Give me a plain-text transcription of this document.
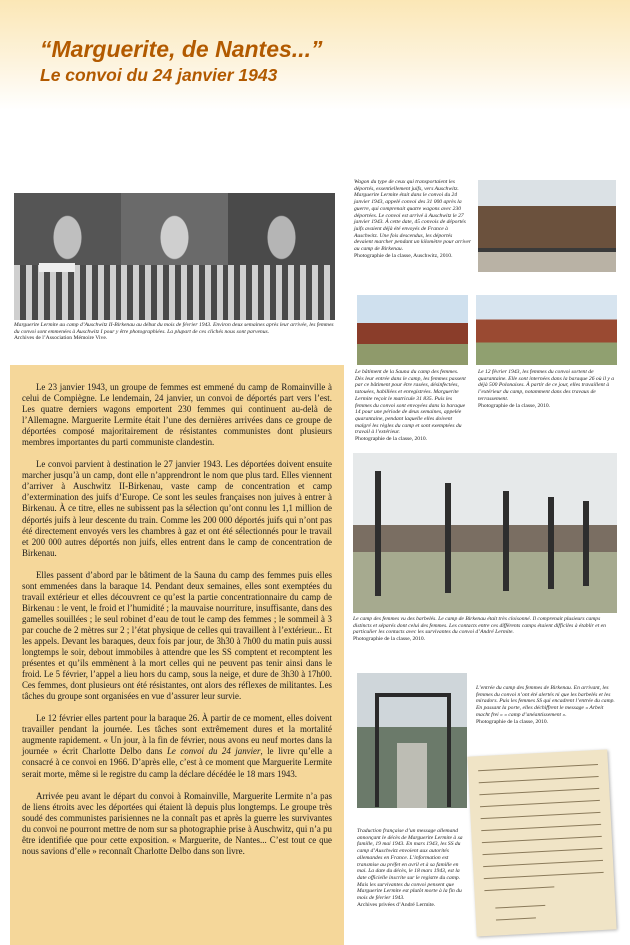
“Marguerite, de Nantes...”
Le convoi du 24 janvier 1943
Marguerite Lermite au camp d’Auschwitz II-Birkenau au début du mois de février 1943. Environ deux semaines après leur arrivée, les femmes du convoi sont emmenées à Auschwitz I pour y être photographiées. La plupart de ces clichés nous sont parvenus.
Archives de l’Association Mémoire Vive.
Wagon du type de ceux qui transportaient les déportés, essentiellement juifs, vers Auschwitz. Marguerite Lermite était dans le convoi du 24 janvier 1943, appelé convoi des 31 000 après la guerre, qui comprenait quatre wagons avec 230 déportées. Le convoi est arrivé à Auschwitz le 27 janvier 1943. À cette date, 45 convois de déportés juifs avaient déjà été envoyés de France à Auschwitz. Une fois descendus, les déportés devaient marcher pendant un kilomètre pour arriver au camp de Birkenau.
Photographie de la classe, Auschwitz, 2010.
Le bâtiment de la Sauna du camp des femmes. Dès leur entrée dans le camp, les femmes passent par ce bâtiment pour être rasées, désinfectées, tatouées, habillées et enregistrées. Marguerite Lermite reçoit le matricule 31 835. Puis les femmes du convoi sont envoyées dans la baraque 14 pour une période de deux semaines, appelée quarantaine, pendant laquelle elles doivent malgré les règles du camp et sont exemptées du travail à l’extérieur.
Photographie de la classe, 2010.
Le 12 février 1943, les femmes du convoi sortent de quarantaine. Elle sont internées dans la baraque 26 où il y a déjà 500 Polonaises. À partir de ce jour, elles travaillent à l’extérieur du camp, notamment dans des travaux de terrassement.
Photographie de la classe, 2010.
Le camp des femmes vu des barbelés. Le camp de Birkenau était très cloisonné. Il comprenait plusieurs camps distincts et séparés dont celui des femmes. Les contacts entre ces différents camps étaient difficiles à établir et en particulier les contacts avec les survivantes du convoi d’André Lermite.
Photographie de la classe, 2010.
L’entrée du camp des femmes de Birkenau. En arrivant, les femmes du convoi n’ont été alertés ni que les barbelés et les miradors. Puis les femmes SS qui encadrent l’entrée du camp. En passant la porte, elles déchiffrent le message « Arbeit macht frei » « camp d’anéantissement ».
Photographie de la classe, 2010.
Traduction française d’un message allemand annonçant le décès de Marguerite Lermite à sa famille, 19 mai 1943. En mars 1943, les SS du camp d’Auschwitz envoient aux autorités allemandes en France. L’information est transmise au préfet en avril et à sa famille en mai. La date du décès, le 18 mars 1943, est la date officielle inscrite sur le registre du camp. Mais les survivantes du convoi pensent que Marguerite Lermite est plutôt morte à la fin du mois de février 1943.
Archives privées d’André Lermite.

Le 23 janvier 1943, un groupe de femmes est emmené du camp de Romainville à celui de Compiègne. Le lendemain, 24 janvier, un convoi de déportés part vers l’est. Les quatre derniers wagons emportent 230 femmes qui continuent au-delà de l’Allemagne. Marguerite Lermite était l’une des dernières arrivées dans ce groupe de déportées composé majoritairement de résistantes communistes dont plusieurs membres importantes du parti communiste clandestin.

Le convoi parvient à destination le 27 janvier 1943. Les déportées doivent ensuite marcher jusqu’à un camp, dont elle n’apprendront le nom que plus tard. Elles viennent d’arriver à Auschwitz II-Birkenau, vaste camp de concentration et camp d’extermination des juifs d’Europe. Ce sont les seules françaises non juives à entrer à Birkenau. À ce titre, elles ne subissent pas la sélection qu’ont connu les 1,1 million de déportés juifs à leur descente du train. Comme les 200 000 déportés juifs qui n’ont pas été directement envoyés vers les chambres à gaz et ont été sélectionnés pour le travail et 200 000 autres déportés non juifs, elles entrent dans le camp de concentration de Birkenau.

Elles passent d’abord par le bâtiment de la Sauna du camp des femmes puis elles sont emmenées dans la baraque 14. Pendant deux semaines, elles sont exemptées du travail extérieur et elles découvrent ce qu’est la partie concentrationnaire du camp de Birkenau : le vent, le froid et l’humidité ; la mauvaise nourriture, insuffisante, dans des gamelles souillées ; le seul robinet d’eau de tout le camp des femmes ; le sommeil à 3 par couche de 2 mètres sur 2 ; l’état physique de celles qui travaillent à l’extérieur... Et les appels. Devant les baraques, deux fois par jour, de 3h30 à 7h00 du matin puis aussi longtemps le soir, debout immobiles à attendre que les SS comptent et recomptent les présentes et qu’ils emmènent à la mort celles qui ne peuvent pas tenir ainsi dans le froid. Le 5 février, l’appel a lieu hors du camp, sous la neige, et dure de 3h30 à 17h00. Ces femmes, dont plusieurs ont été résistantes, ont alors des réflexes de militantes. Les tâches du groupe sont organisées en vue d’assurer leur survie.

Le 12 février elles partent pour la baraque 26. À partir de ce moment, elles doivent travailler pendant la journée. Les tâches sont extrêmement dures et la mortalité augmente rapidement. « Un jour, à la fin de février, nous avons eu neuf mortes dans la journée » écrit Charlotte Delbo dans Le convoi du 24 janvier, le livre qu’elle a consacré à ce convoi en 1966. D’après elle, c’est à ce moment que Marguerite Lermite serait morte, même si le registre du camp la déclare décédée le 18 mars 1943.

Arrivée peu avant le départ du convoi à Romainville, Marguerite Lermite n’a pas de liens étroits avec les déportées qui étaient là depuis plus longtemps. Le groupe très soudé des communistes parisiennes ne la connaît pas et après la guerre les survivantes du convoi ne pourront mettre de nom sur sa photographie prise à Auschwitz, qui n’a pu être identifiée que pour cette exposition. « Marguerite, de Nantes... C’est tout ce que nous savions d’elle » reconnaît Charlotte Delbo dans son livre.
